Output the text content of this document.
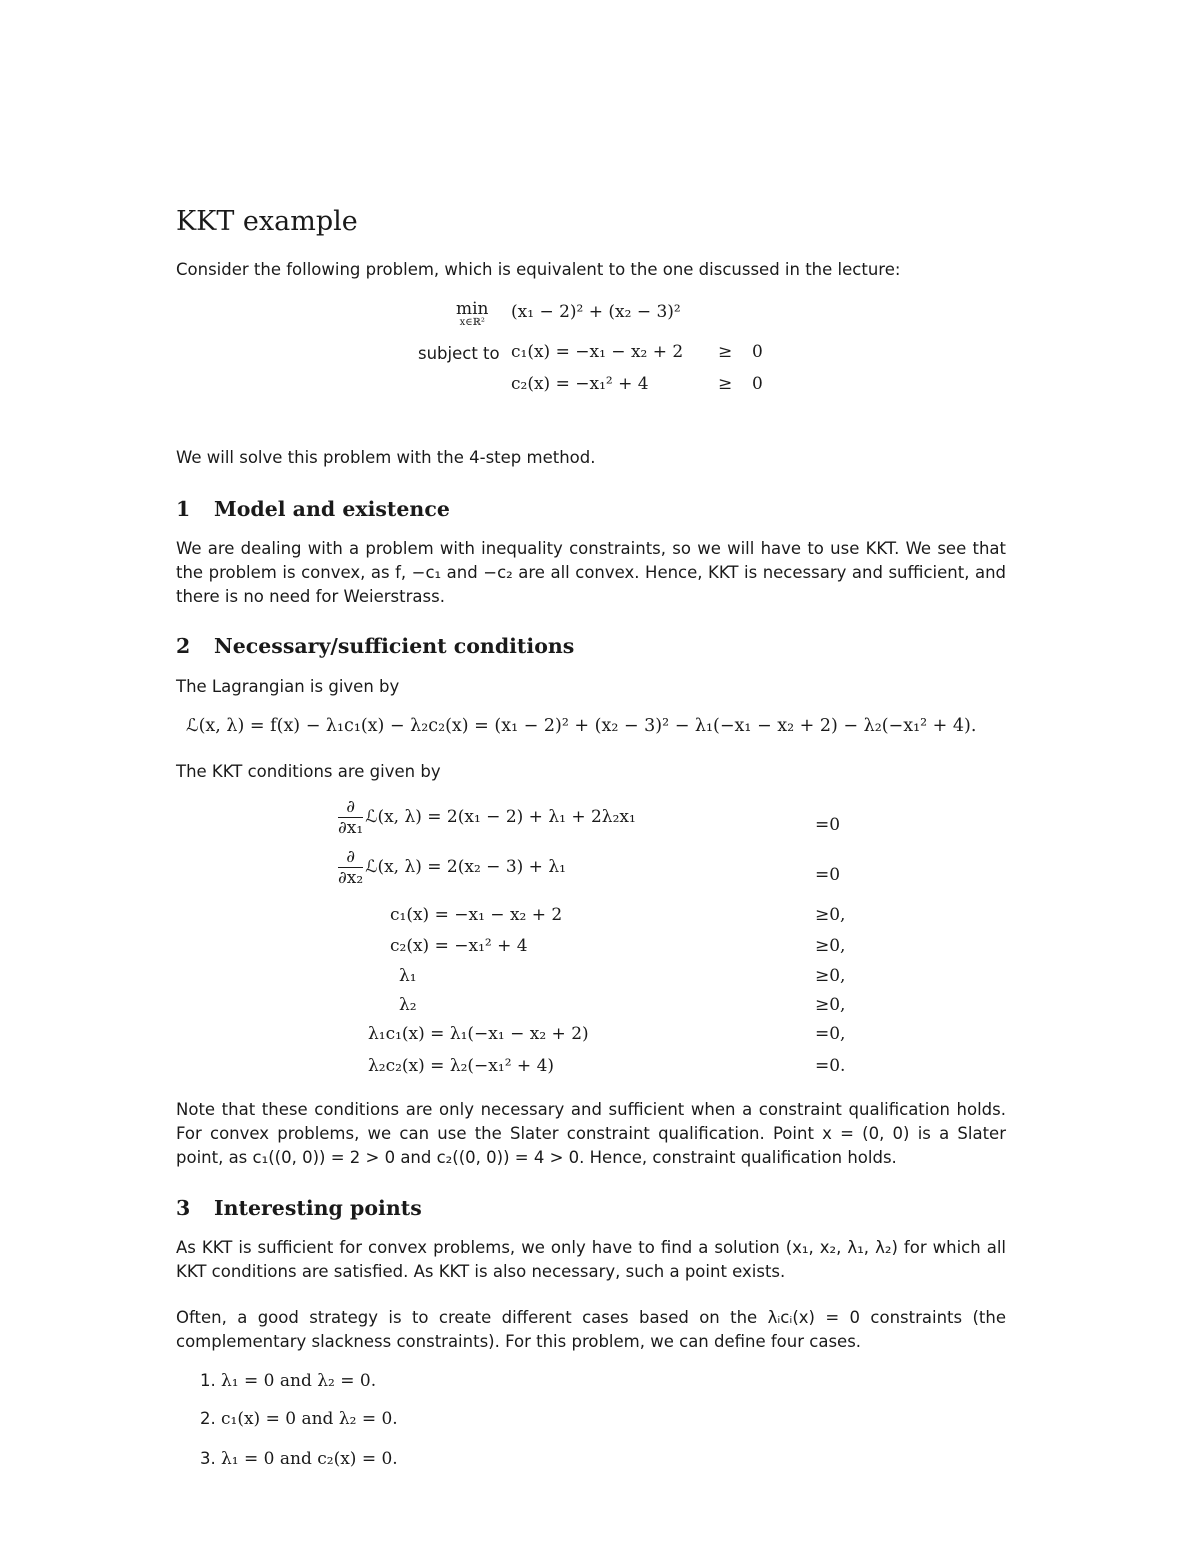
KKT example
Consider the following problem, which is equivalent to the one discussed in the lecture:
min
x∈ℝ²
(x₁ − 2)² + (x₂ − 3)²
subject to c₁(x) = −x₁ − x₂ + 2 ≥ 0
c₂(x) = −x₁² + 4	≥ 0
We will solve this problem with the 4-step method.
1 Model and existence
We are dealing with a problem with inequality constraints, so we will have to use KKT. We see that the problem is convex, as f, −c₁ and −c₂ are all convex. Hence, KKT is necessary and sufficient, and there is no need for Weierstrass.
2 Necessary/sufficient conditions
The Lagrangian is given by
ℒ(x, λ) = f(x) − λ₁c₁(x) − λ₂c₂(x) = (x₁ − 2)² + (x₂ − 3)² − λ₁(−x₁ − x₂ + 2) − λ₂(−x₁² + 4).
The KKT conditions are given by
$\frac{\partial}{\text{∂x₁}}$ ℒ(x, λ) = 2(x₁ − 2) + λ₁ + 2λ₂x₁	=0
$\frac{\partial}{\text{∂x₂}}$ ℒ(x, λ) = 2(x₂ − 3) + λ₁	=0
c₁(x) = −x₁ − x₂ + 2	≥0,
c₂(x) = −x₁² + 4	≥0,
λ₁	≥0,
λ₂	≥0,
λ₁c₁(x) = λ₁(−x₁ − x₂ + 2)	=0,
λ₂c₂(x) = λ₂(−x₁² + 4)	=0.
Note that these conditions are only necessary and sufficient when a constraint qualification holds. For convex problems, we can use the Slater constraint qualification. Point x = (0, 0) is a Slater point, as c₁((0, 0)) = 2 > 0 and c₂((0, 0)) = 4 > 0. Hence, constraint qualification holds.
3 Interesting points
As KKT is sufficient for convex problems, we only have to find a solution (x₁, x₂, λ₁, λ₂) for which all KKT conditions are satisfied. As KKT is also necessary, such a point exists.
Often, a good strategy is to create different cases based on the λᵢcᵢ(x) = 0 constraints (the complementary slackness constraints). For this problem, we can define four cases.
1. λ₁ = 0 and λ₂ = 0.
2. c₁(x) = 0 and λ₂ = 0.
3. λ₁ = 0 and c₂(x) = 0.
